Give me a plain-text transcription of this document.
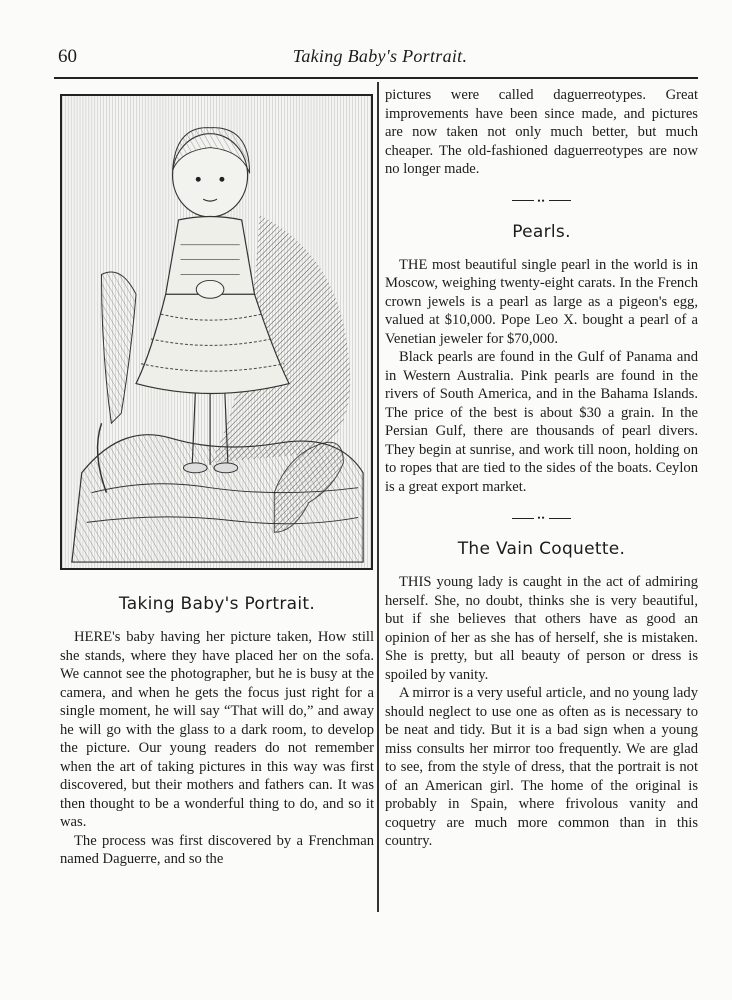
60	Taking Baby's Portrait.
Taking Baby's Portrait.

HERE's baby having her picture taken, How still she stands, where they have placed her on the sofa. We cannot see the photographer, but he is busy at the camera, and when he gets the focus just right for a single moment, he will say “That will do,” and away he will go with the glass to a dark room, to develop the picture. Our young readers do not remember when the art of taking pictures in this way was first discovered, but their mothers and fathers can. It was then thought to be a wonderful thing to do, and so it was.

The process was first discovered by a Frenchman named Daguerre, and so the

pictures were called daguerreotypes. Great improvements have been since made, and pictures are now taken not only much better, but much cheaper. The old-fashioned daguerreotypes are now no longer made.

••
Pearls.

THE most beautiful single pearl in the world is in Moscow, weighing twenty-eight carats. In the French crown jewels is a pearl as large as a pigeon's egg, valued at $10,000. Pope Leo X. bought a pearl of a Venetian jeweler for $70,000.

Black pearls are found in the Gulf of Panama and in Western Australia. Pink pearls are found in the rivers of South America, and in the Bahama Islands. The price of the best is about $30 a grain. In the Persian Gulf, there are thousands of pearl divers. They begin at sunrise, and work till noon, holding on to ropes that are tied to the sides of the boats. Ceylon is a great export market.

••
The Vain Coquette.

THIS young lady is caught in the act of admiring herself. She, no doubt, thinks she is very beautiful, but if she believes that others have as good an opinion of her as she has of herself, she is mistaken. She is pretty, but all beauty of person or dress is spoiled by vanity.

A mirror is a very useful article, and no young lady should neglect to use one as often as is necessary to be neat and tidy. But it is a bad sign when a young miss consults her mirror too frequently. We are glad to see, from the style of dress, that the portrait is not of an American girl. The home of the original is probably in Spain, where frivolous vanity and coquetry are much more common than in this country.
